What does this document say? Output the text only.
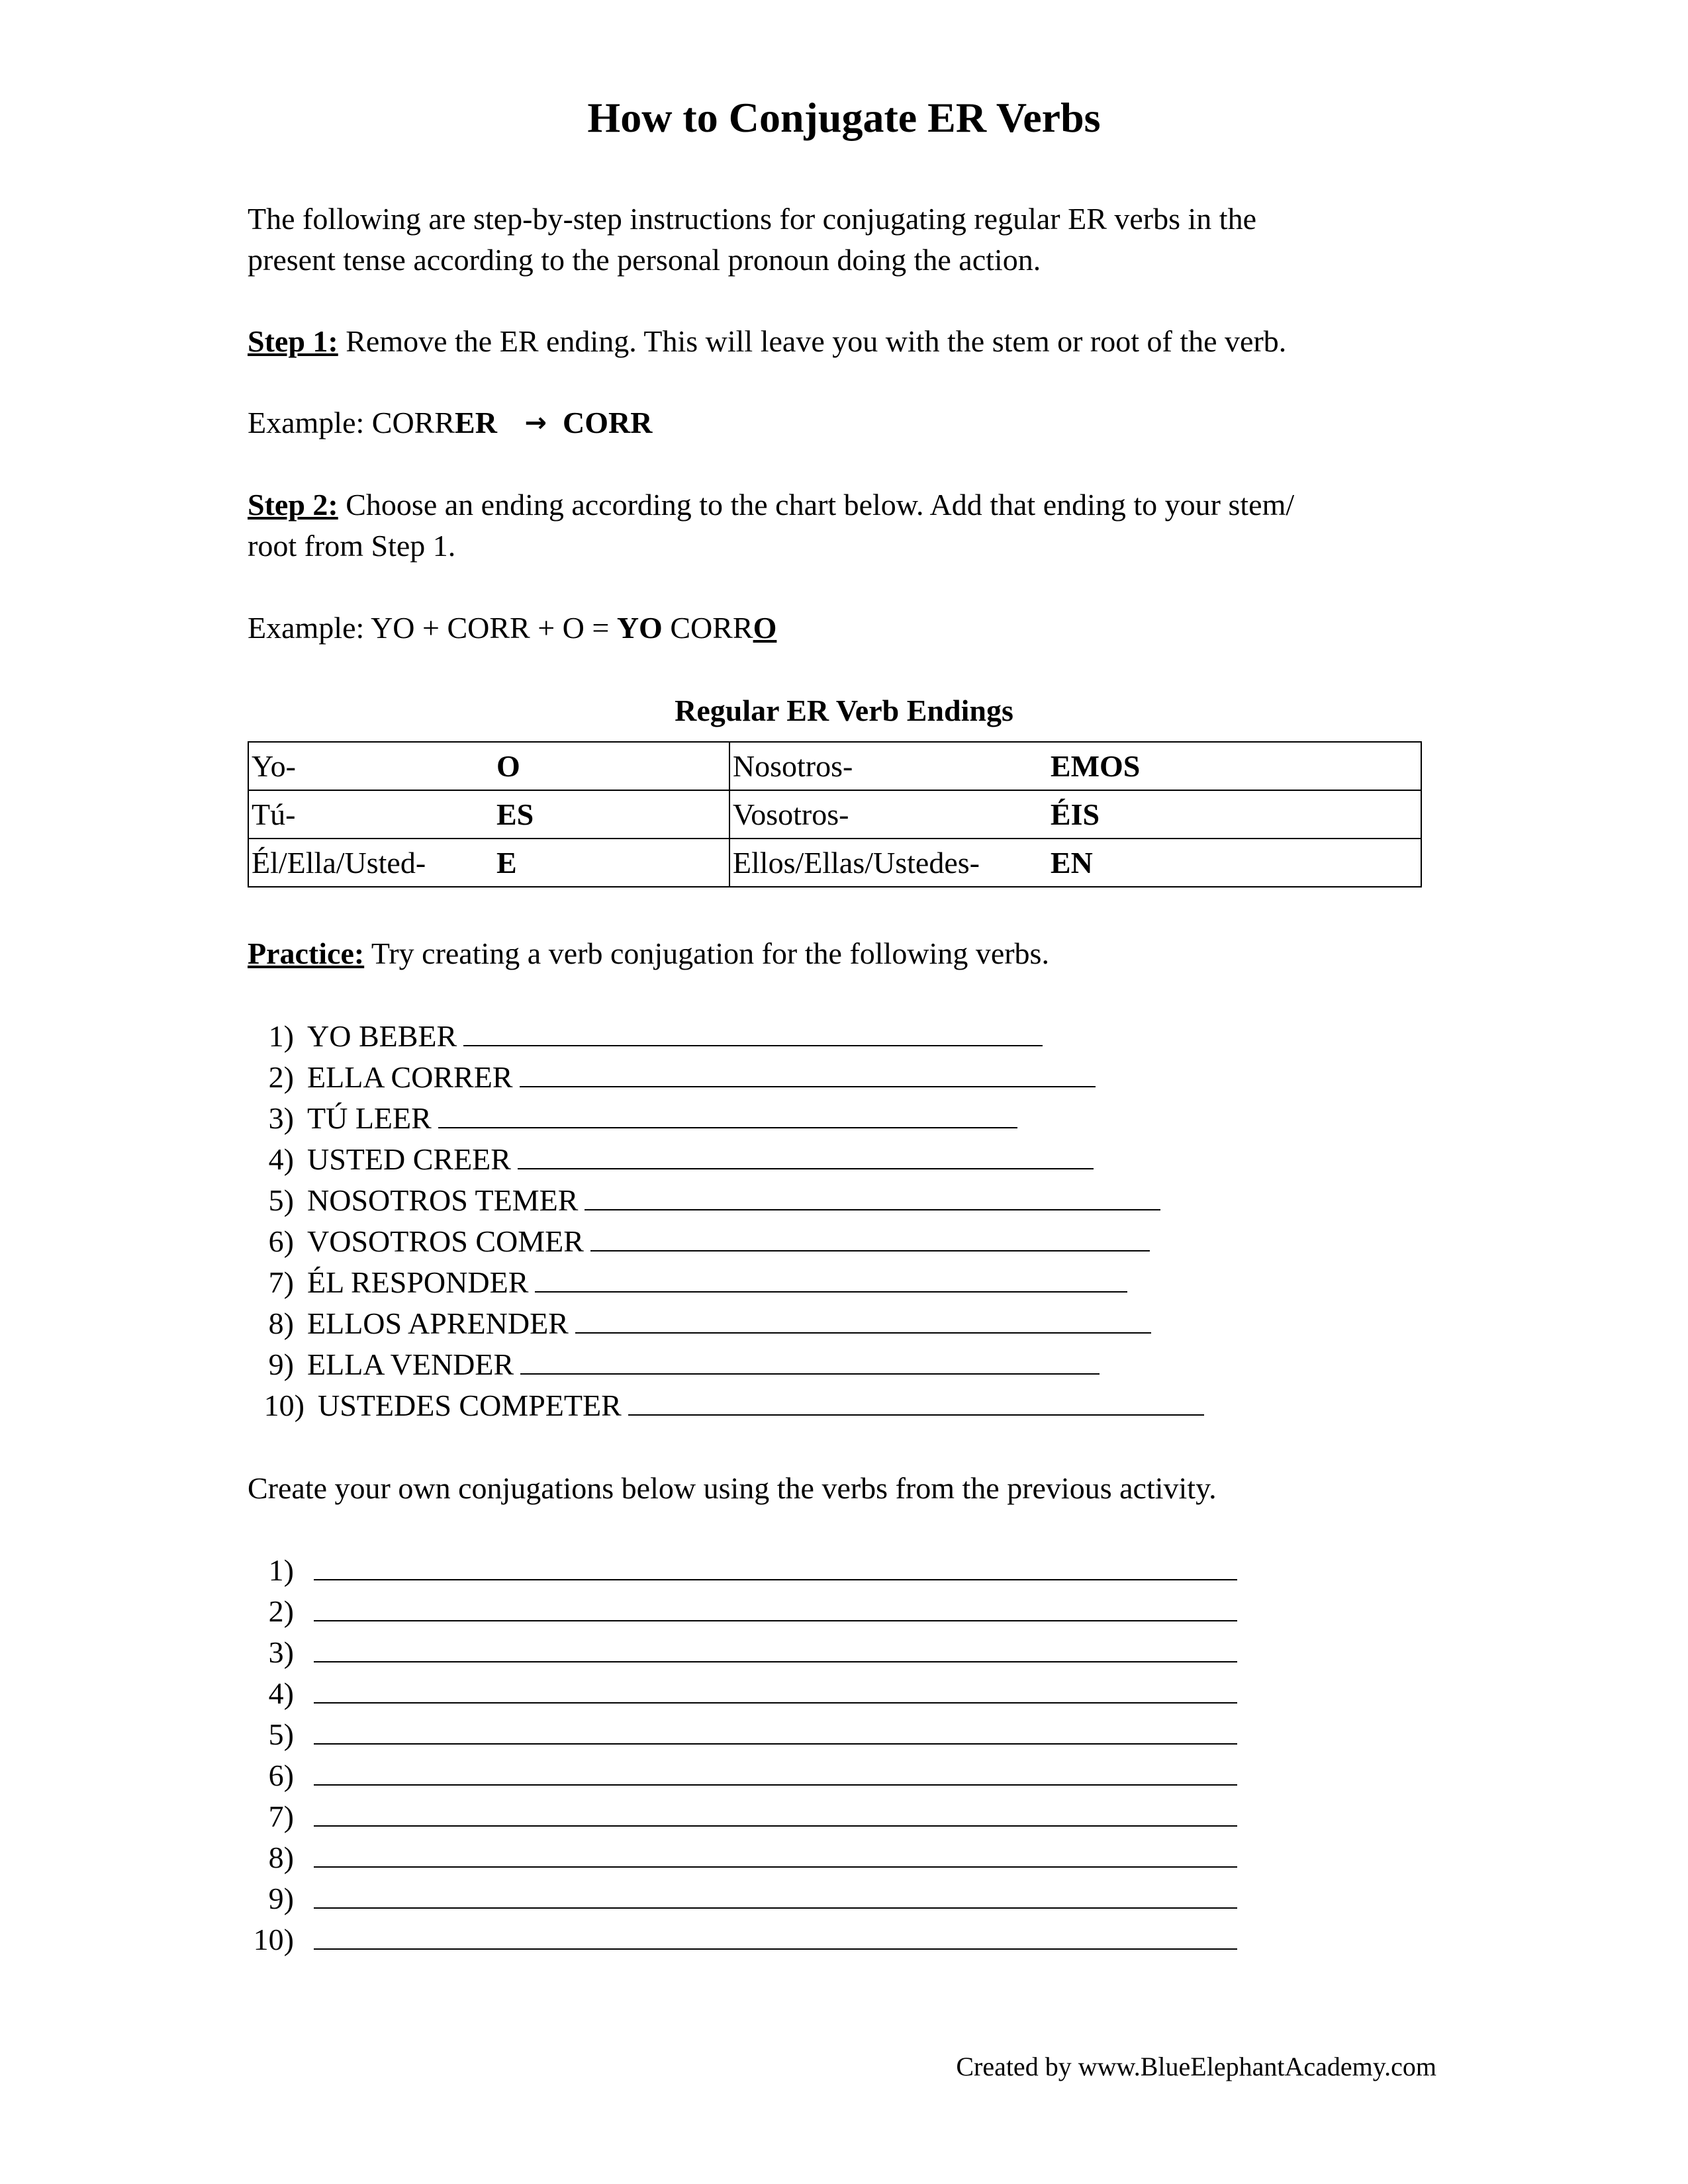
How to Conjugate ER Verbs
The following are step-by-step instructions for conjugating regular ER verbs in the
present tense according to the personal pronoun doing the action.
Step 1: Remove the ER ending. This will leave you with the stem or root of the verb.
Example: CORRER → CORR
Step 2: Choose an ending according to the chart below. Add that ending to your stem/
root from Step 1.
Example: YO + CORR + O = YO CORRO
Regular ER Verb Endings
Yo- O	Nosotros- EMOS
Tú- ES	Vosotros- ÉIS
Él/Ella/Usted- E	Ellos/Ellas/Ustedes- EN
Practice: Try creating a verb conjugation for the following verbs.
1) YO BEBER
2) ELLA CORRER
3) TÚ LEER
4) USTED CREER
5) NOSOTROS TEMER
6) VOSOTROS COMER
7) ÉL RESPONDER
8) ELLOS APRENDER
9) ELLA VENDER
10) USTEDES COMPETER
Create your own conjugations below using the verbs from the previous activity.
1)
2)
3)
4)
5)
6)
7)
8)
9)
10)
Created by www.BlueElephantAcademy.com
